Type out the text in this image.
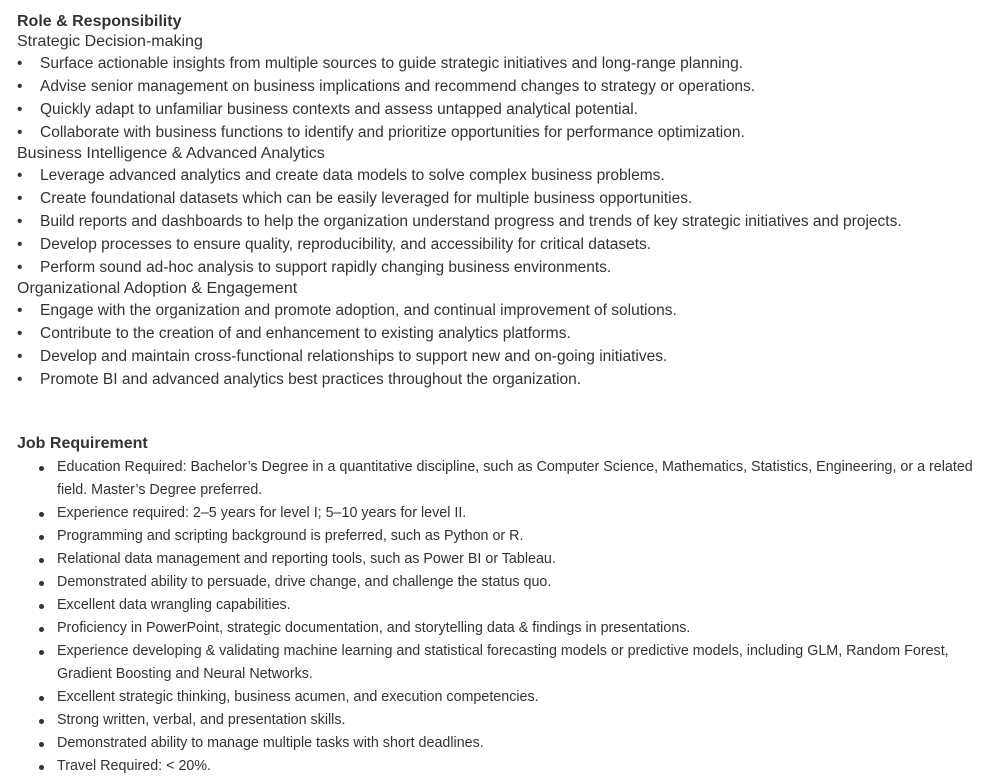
Role & Responsibility
Strategic Decision-making
• Surface actionable insights from multiple sources to guide strategic initiatives and long-range planning.
• Advise senior management on business implications and recommend changes to strategy or operations.
• Quickly adapt to unfamiliar business contexts and assess untapped analytical potential.
• Collaborate with business functions to identify and prioritize opportunities for performance optimization.
Business Intelligence & Advanced Analytics
• Leverage advanced analytics and create data models to solve complex business problems.
• Create foundational datasets which can be easily leveraged for multiple business opportunities.
• Build reports and dashboards to help the organization understand progress and trends of key strategic initiatives and projects.
• Develop processes to ensure quality, reproducibility, and accessibility for critical datasets.
• Perform sound ad-hoc analysis to support rapidly changing business environments.
Organizational Adoption & Engagement
• Engage with the organization and promote adoption, and continual improvement of solutions.
• Contribute to the creation of and enhancement to existing analytics platforms.
• Develop and maintain cross-functional relationships to support new and on-going initiatives.
• Promote BI and advanced analytics best practices throughout the organization.
Job Requirement
Education Required: Bachelor’s Degree in a quantitative discipline, such as Computer Science, Mathematics, Statistics, Engineering, or a related field. Master’s Degree preferred.
Experience required: 2–5 years for level I; 5–10 years for level II.
Programming and scripting background is preferred, such as Python or R.
Relational data management and reporting tools, such as Power BI or Tableau.
Demonstrated ability to persuade, drive change, and challenge the status quo.
Excellent data wrangling capabilities.
Proficiency in PowerPoint, strategic documentation, and storytelling data & findings in presentations.
Experience developing & validating machine learning and statistical forecasting models or predictive models, including GLM, Random Forest, Gradient Boosting and Neural Networks.
Excellent strategic thinking, business acumen, and execution competencies.
Strong written, verbal, and presentation skills.
Demonstrated ability to manage multiple tasks with short deadlines.
Travel Required: < 20%.
